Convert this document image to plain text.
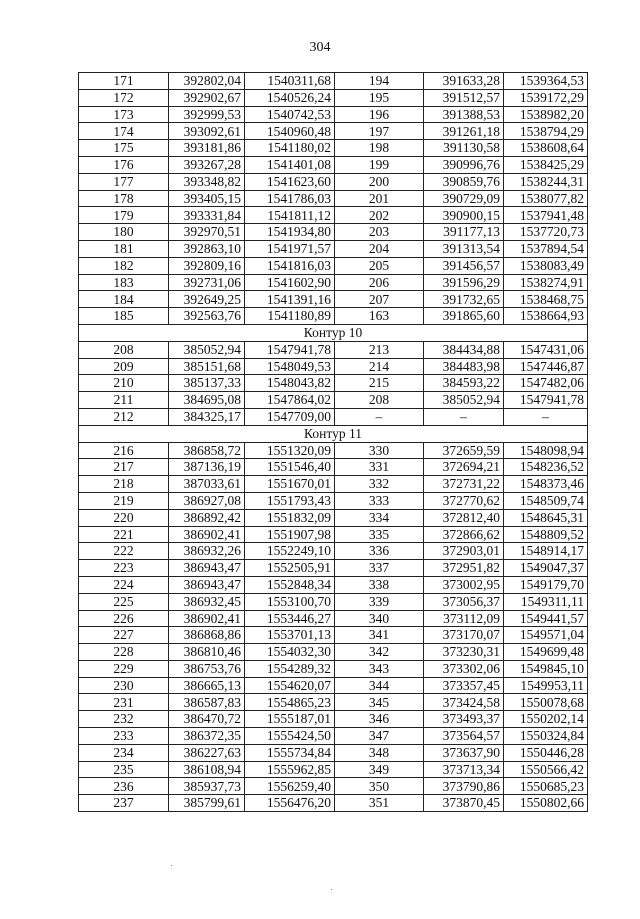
304
171	392802,04	1540311,68	194	391633,28	1539364,53
172	392902,67	1540526,24	195	391512,57	1539172,29
173	392999,53	1540742,53	196	391388,53	1538982,20
174	393092,61	1540960,48	197	391261,18	1538794,29
175	393181,86	1541180,02	198	391130,58	1538608,64
176	393267,28	1541401,08	199	390996,76	1538425,29
177	393348,82	1541623,60	200	390859,76	1538244,31
178	393405,15	1541786,03	201	390729,09	1538077,82
179	393331,84	1541811,12	202	390900,15	1537941,48
180	392970,51	1541934,80	203	391177,13	1537720,73
181	392863,10	1541971,57	204	391313,54	1537894,54
182	392809,16	1541816,03	205	391456,57	1538083,49
183	392731,06	1541602,90	206	391596,29	1538274,91
184	392649,25	1541391,16	207	391732,65	1538468,75
185	392563,76	1541180,89	163	391865,60	1538664,93
Контур 10					
208	385052,94	1547941,78	213	384434,88	1547431,06
209	385151,68	1548049,53	214	384483,98	1547446,87
210	385137,33	1548043,82	215	384593,22	1547482,06
211	384695,08	1547864,02	208	385052,94	1547941,78
212	384325,17	1547709,00	–	–	–
Контур 11					
216	386858,72	1551320,09	330	372659,59	1548098,94
217	387136,19	1551546,40	331	372694,21	1548236,52
218	387033,61	1551670,01	332	372731,22	1548373,46
219	386927,08	1551793,43	333	372770,62	1548509,74
220	386892,42	1551832,09	334	372812,40	1548645,31
221	386902,41	1551907,98	335	372866,62	1548809,52
222	386932,26	1552249,10	336	372903,01	1548914,17
223	386943,47	1552505,91	337	372951,82	1549047,37
224	386943,47	1552848,34	338	373002,95	1549179,70
225	386932,45	1553100,70	339	373056,37	1549311,11
226	386902,41	1553446,27	340	373112,09	1549441,57
227	386868,86	1553701,13	341	373170,07	1549571,04
228	386810,46	1554032,30	342	373230,31	1549699,48
229	386753,76	1554289,32	343	373302,06	1549845,10
230	386665,13	1554620,07	344	373357,45	1549953,11
231	386587,83	1554865,23	345	373424,58	1550078,68
232	386470,72	1555187,01	346	373493,37	1550202,14
233	386372,35	1555424,50	347	373564,57	1550324,84
234	386227,63	1555734,84	348	373637,90	1550446,28
235	386108,94	1555962,85	349	373713,34	1550566,42
236	385937,73	1556259,40	350	373790,86	1550685,23
237	385799,61	1556476,20	351	373870,45	1550802,66
